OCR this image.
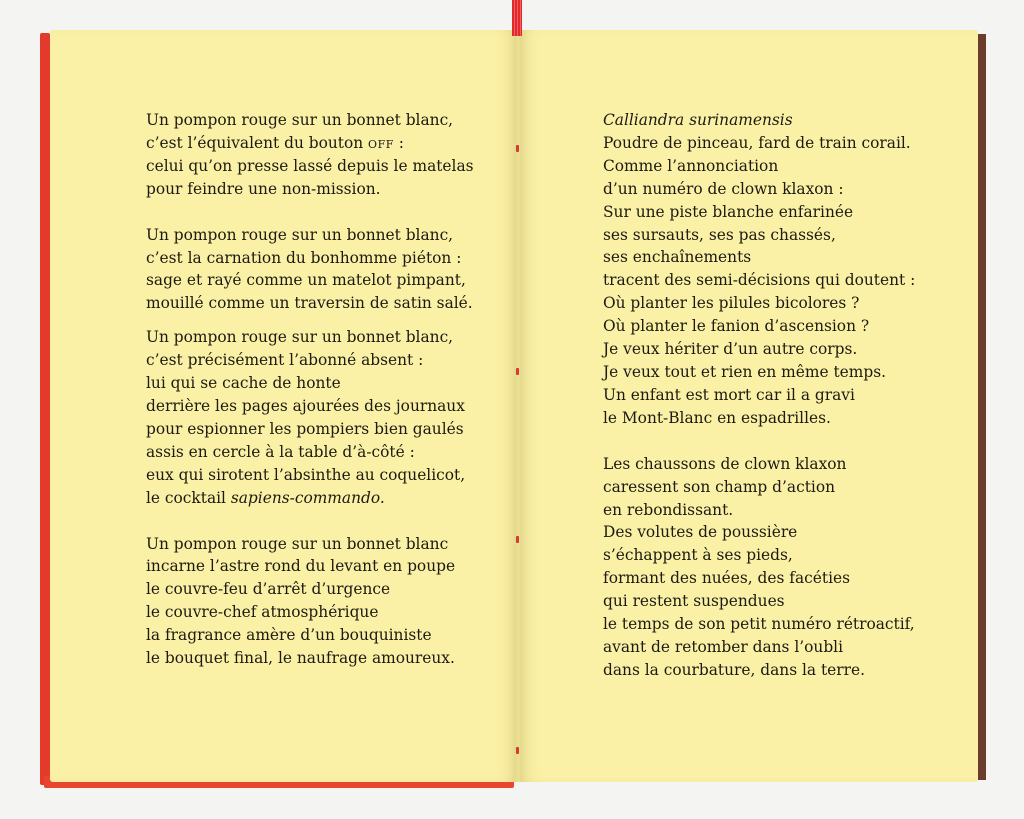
Un pompon rouge sur un bonnet blanc,

c’est l’équivalent du bouton off :

celui qu’on presse lassé depuis le matelas

pour feindre une non-mission.

Un pompon rouge sur un bonnet blanc,

c’est la carnation du bonhomme piéton :

sage et rayé comme un matelot pimpant,

mouillé comme un traversin de satin salé.

Un pompon rouge sur un bonnet blanc,

c’est précisément l’abonné absent :

lui qui se cache de honte

derrière les pages ajourées des journaux

pour espionner les pompiers bien gaulés

assis en cercle à la table d’à-côté :

eux qui sirotent l’absinthe au coquelicot,

le cocktail sapiens-commando.

Un pompon rouge sur un bonnet blanc

incarne l’astre rond du levant en poupe

le couvre-feu d’arrêt d’urgence

le couvre-chef atmosphérique

la fragrance amère d’un bouquiniste

le bouquet final, le naufrage amoureux.

Calliandra surinamensis

Poudre de pinceau, fard de train corail.

Comme l’annonciation

d’un numéro de clown klaxon :

Sur une piste blanche enfarinée

ses sursauts, ses pas chassés,

ses enchaînements

tracent des semi-décisions qui doutent :

Où planter les pilules bicolores ?

Où planter le fanion d’ascension ?

Je veux hériter d’un autre corps.

Je veux tout et rien en même temps.

Un enfant est mort car il a gravi

le Mont-Blanc en espadrilles.

Les chaussons de clown klaxon

caressent son champ d’action

en rebondissant.

Des volutes de poussière

s’échappent à ses pieds,

formant des nuées, des facéties

qui restent suspendues

le temps de son petit numéro rétroactif,

avant de retomber dans l’oubli

dans la courbature, dans la terre.
